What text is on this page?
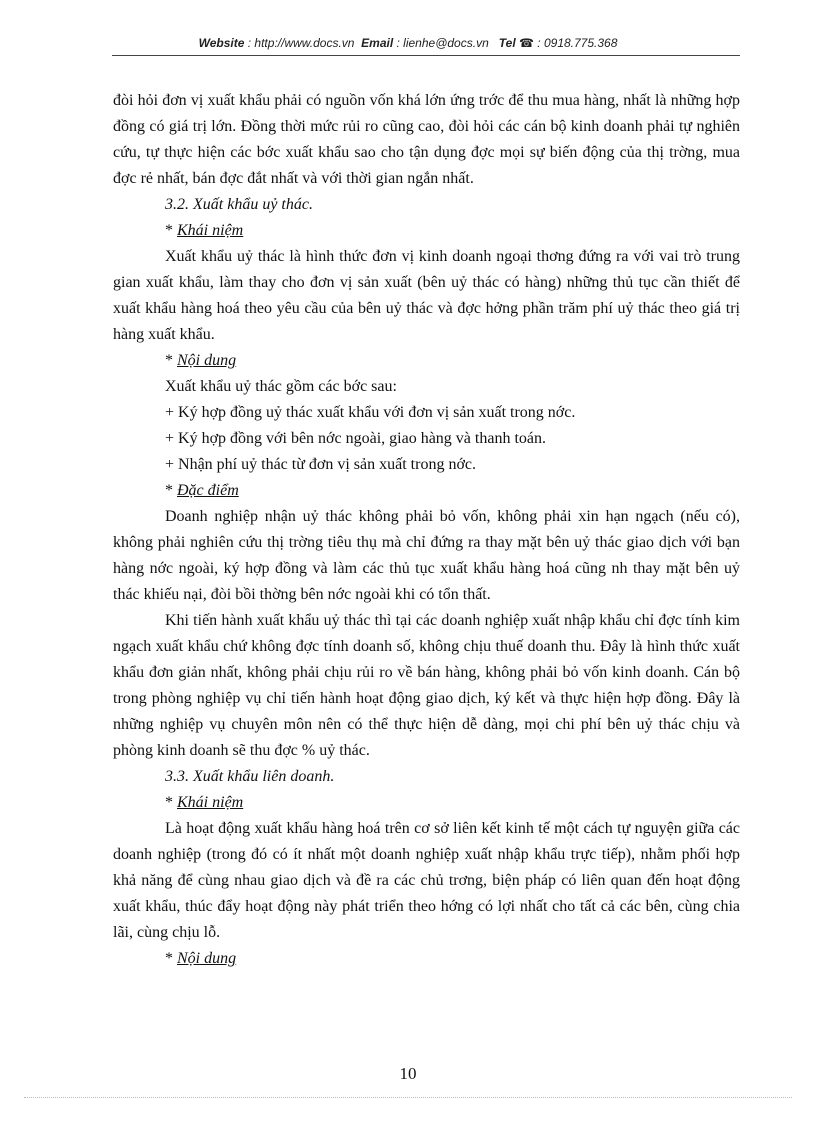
Website : http://www.docs.vn Email : lienhe@docs.vn Tel ☎ : 0918.775.368

đòi hỏi đơn vị xuất khẩu phải có nguồn vốn khá lớn ứng trớc để thu mua hàng, nhất là những hợp đồng có giá trị lớn. Đồng thời mức rủi ro cũng cao, đòi hỏi các cán bộ kinh doanh phải tự nghiên cứu, tự thực hiện các bớc xuất khẩu sao cho tận dụng đợc mọi sự biến động của thị trờng, mua đợc rẻ nhất, bán đợc đắt nhất và với thời gian ngắn nhất.

3.2. Xuất khẩu uỷ thác.

* Khái niệm

Xuất khẩu uỷ thác là hình thức đơn vị kinh doanh ngoại thơng đứng ra với vai trò trung gian xuất khẩu, làm thay cho đơn vị sản xuất (bên uỷ thác có hàng) những thủ tục cần thiết để xuất khẩu hàng hoá theo yêu cầu của bên uỷ thác và đợc hởng phần trăm phí uỷ thác theo giá trị hàng xuất khẩu.

* Nội dung

Xuất khẩu uỷ thác gồm các bớc sau:

+ Ký hợp đồng uỷ thác xuất khẩu với đơn vị sản xuất trong nớc.

+ Ký hợp đồng với bên nớc ngoài, giao hàng và thanh toán.

+ Nhận phí uỷ thác từ đơn vị sản xuất trong nớc.

* Đặc điểm

Doanh nghiệp nhận uỷ thác không phải bỏ vốn, không phải xin hạn ngạch (nếu có), không phải nghiên cứu thị trờng tiêu thụ mà chỉ đứng ra thay mặt bên uỷ thác giao dịch với bạn hàng nớc ngoài, ký hợp đồng và làm các thủ tục xuất khẩu hàng hoá cũng nh thay mặt bên uỷ thác khiếu nại, đòi bồi thờng bên nớc ngoài khi có tổn thất.

Khi tiến hành xuất khẩu uỷ thác thì tại các doanh nghiệp xuất nhập khẩu chỉ đợc tính kim ngạch xuất khẩu chứ không đợc tính doanh số, không chịu thuế doanh thu. Đây là hình thức xuất khẩu đơn giản nhất, không phải chịu rủi ro về bán hàng, không phải bỏ vốn kinh doanh. Cán bộ trong phòng nghiệp vụ chỉ tiến hành hoạt động giao dịch, ký kết và thực hiện hợp đồng. Đây là những nghiệp vụ chuyên môn nên có thể thực hiện dễ dàng, mọi chi phí bên uỷ thác chịu và phòng kinh doanh sẽ thu đợc % uỷ thác.

3.3. Xuất khẩu liên doanh.

* Khái niệm

Là hoạt động xuất khẩu hàng hoá trên cơ sở liên kết kinh tế một cách tự nguyện giữa các doanh nghiệp (trong đó có ít nhất một doanh nghiệp xuất nhập khẩu trực tiếp), nhằm phối hợp khả năng để cùng nhau giao dịch và đề ra các chủ trơng, biện pháp có liên quan đến hoạt động xuất khẩu, thúc đẩy hoạt động này phát triển theo hớng có lợi nhất cho tất cả các bên, cùng chia lãi, cùng chịu lỗ.

* Nội dung

10
